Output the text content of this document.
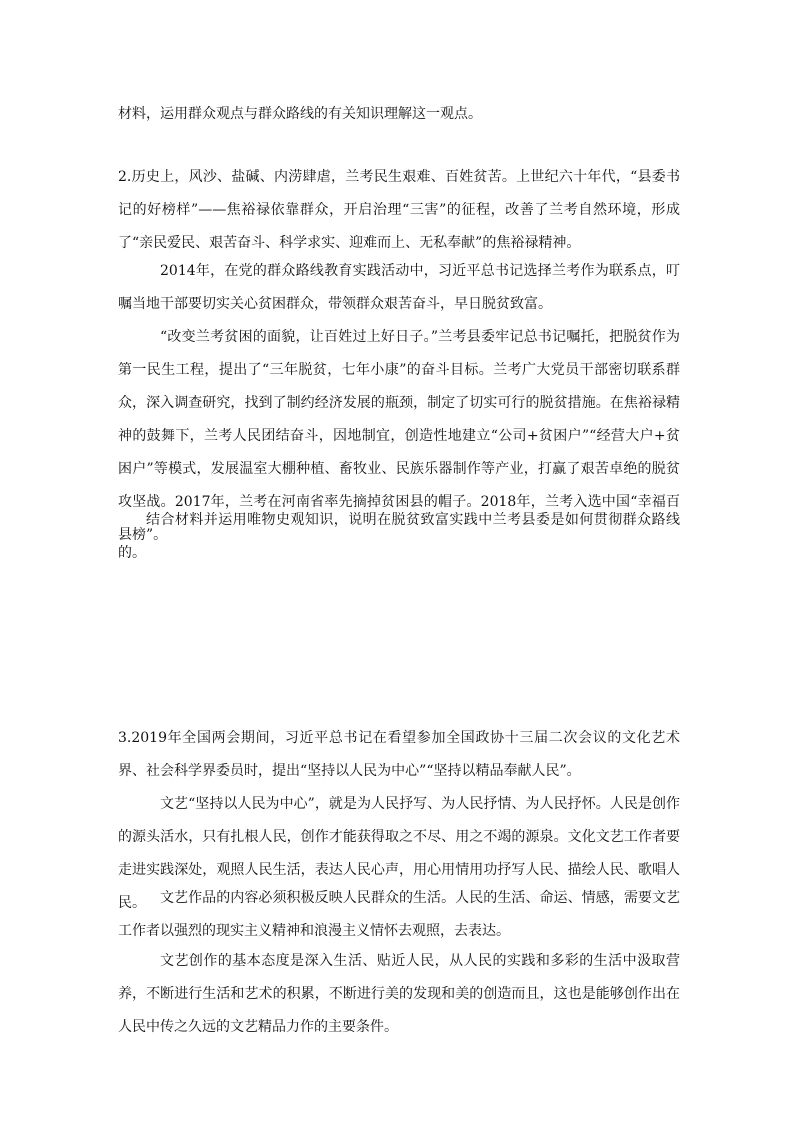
材料，运用群众观点与群众路线的有关知识理解这一观点。

2.历史上，风沙、盐碱、内涝肆虐，兰考民生艰难、百姓贫苦。上世纪六十年代，“县委书记的好榜样”——焦裕禄依靠群众，开启治理“三害”的征程，改善了兰考自然环境，形成了“亲民爱民、艰苦奋斗、科学求实、迎难而上、无私奉献”的焦裕禄精神。

2014年，在党的群众路线教育实践活动中，习近平总书记选择兰考作为联系点，叮嘱当地干部要切实关心贫困群众，带领群众艰苦奋斗，早日脱贫致富。

“改变兰考贫困的面貌，让百姓过上好日子。”兰考县委牢记总书记嘱托，把脱贫作为第一民生工程，提出了“三年脱贫，七年小康”的奋斗目标。兰考广大党员干部密切联系群众，深入调查研究，找到了制约经济发展的瓶颈，制定了切实可行的脱贫措施。在焦裕禄精神的鼓舞下，兰考人民团结奋斗，因地制宜，创造性地建立“公司+贫困户”“经营大户+贫困户”等模式，发展温室大棚种植、畜牧业、民族乐器制作等产业，打赢了艰苦卓绝的脱贫攻坚战。2017年，兰考在河南省率先摘掉贫困县的帽子。2018年，兰考入选中国“幸福百县榜”。

结合材料并运用唯物史观知识，说明在脱贫致富实践中兰考县委是如何贯彻群众路线的。

3.2019年全国两会期间，习近平总书记在看望参加全国政协十三届二次会议的文化艺术界、社会科学界委员时，提出“坚持以人民为中心”“坚持以精品奉献人民”。

文艺“坚持以人民为中心”，就是为人民抒写、为人民抒情、为人民抒怀。人民是创作的源头活水，只有扎根人民，创作才能获得取之不尽、用之不竭的源泉。文化文艺工作者要走进实践深处，观照人民生活，表达人民心声，用心用情用功抒写人民、描绘人民、歌唱人民。	文艺作品的内容必须积极反映人民群众的生活。人民的生活、命运、情感，需要文艺工作者以强烈的现实主义精神和浪漫主义情怀去观照，去表达。

文艺创作的基本态度是深入生活、贴近人民，从人民的实践和多彩的生活中汲取营养，不断进行生活和艺术的积累，不断进行美的发现和美的创造而且，这也是能够创作出在人民中传之久远的文艺精品力作的主要条件。
